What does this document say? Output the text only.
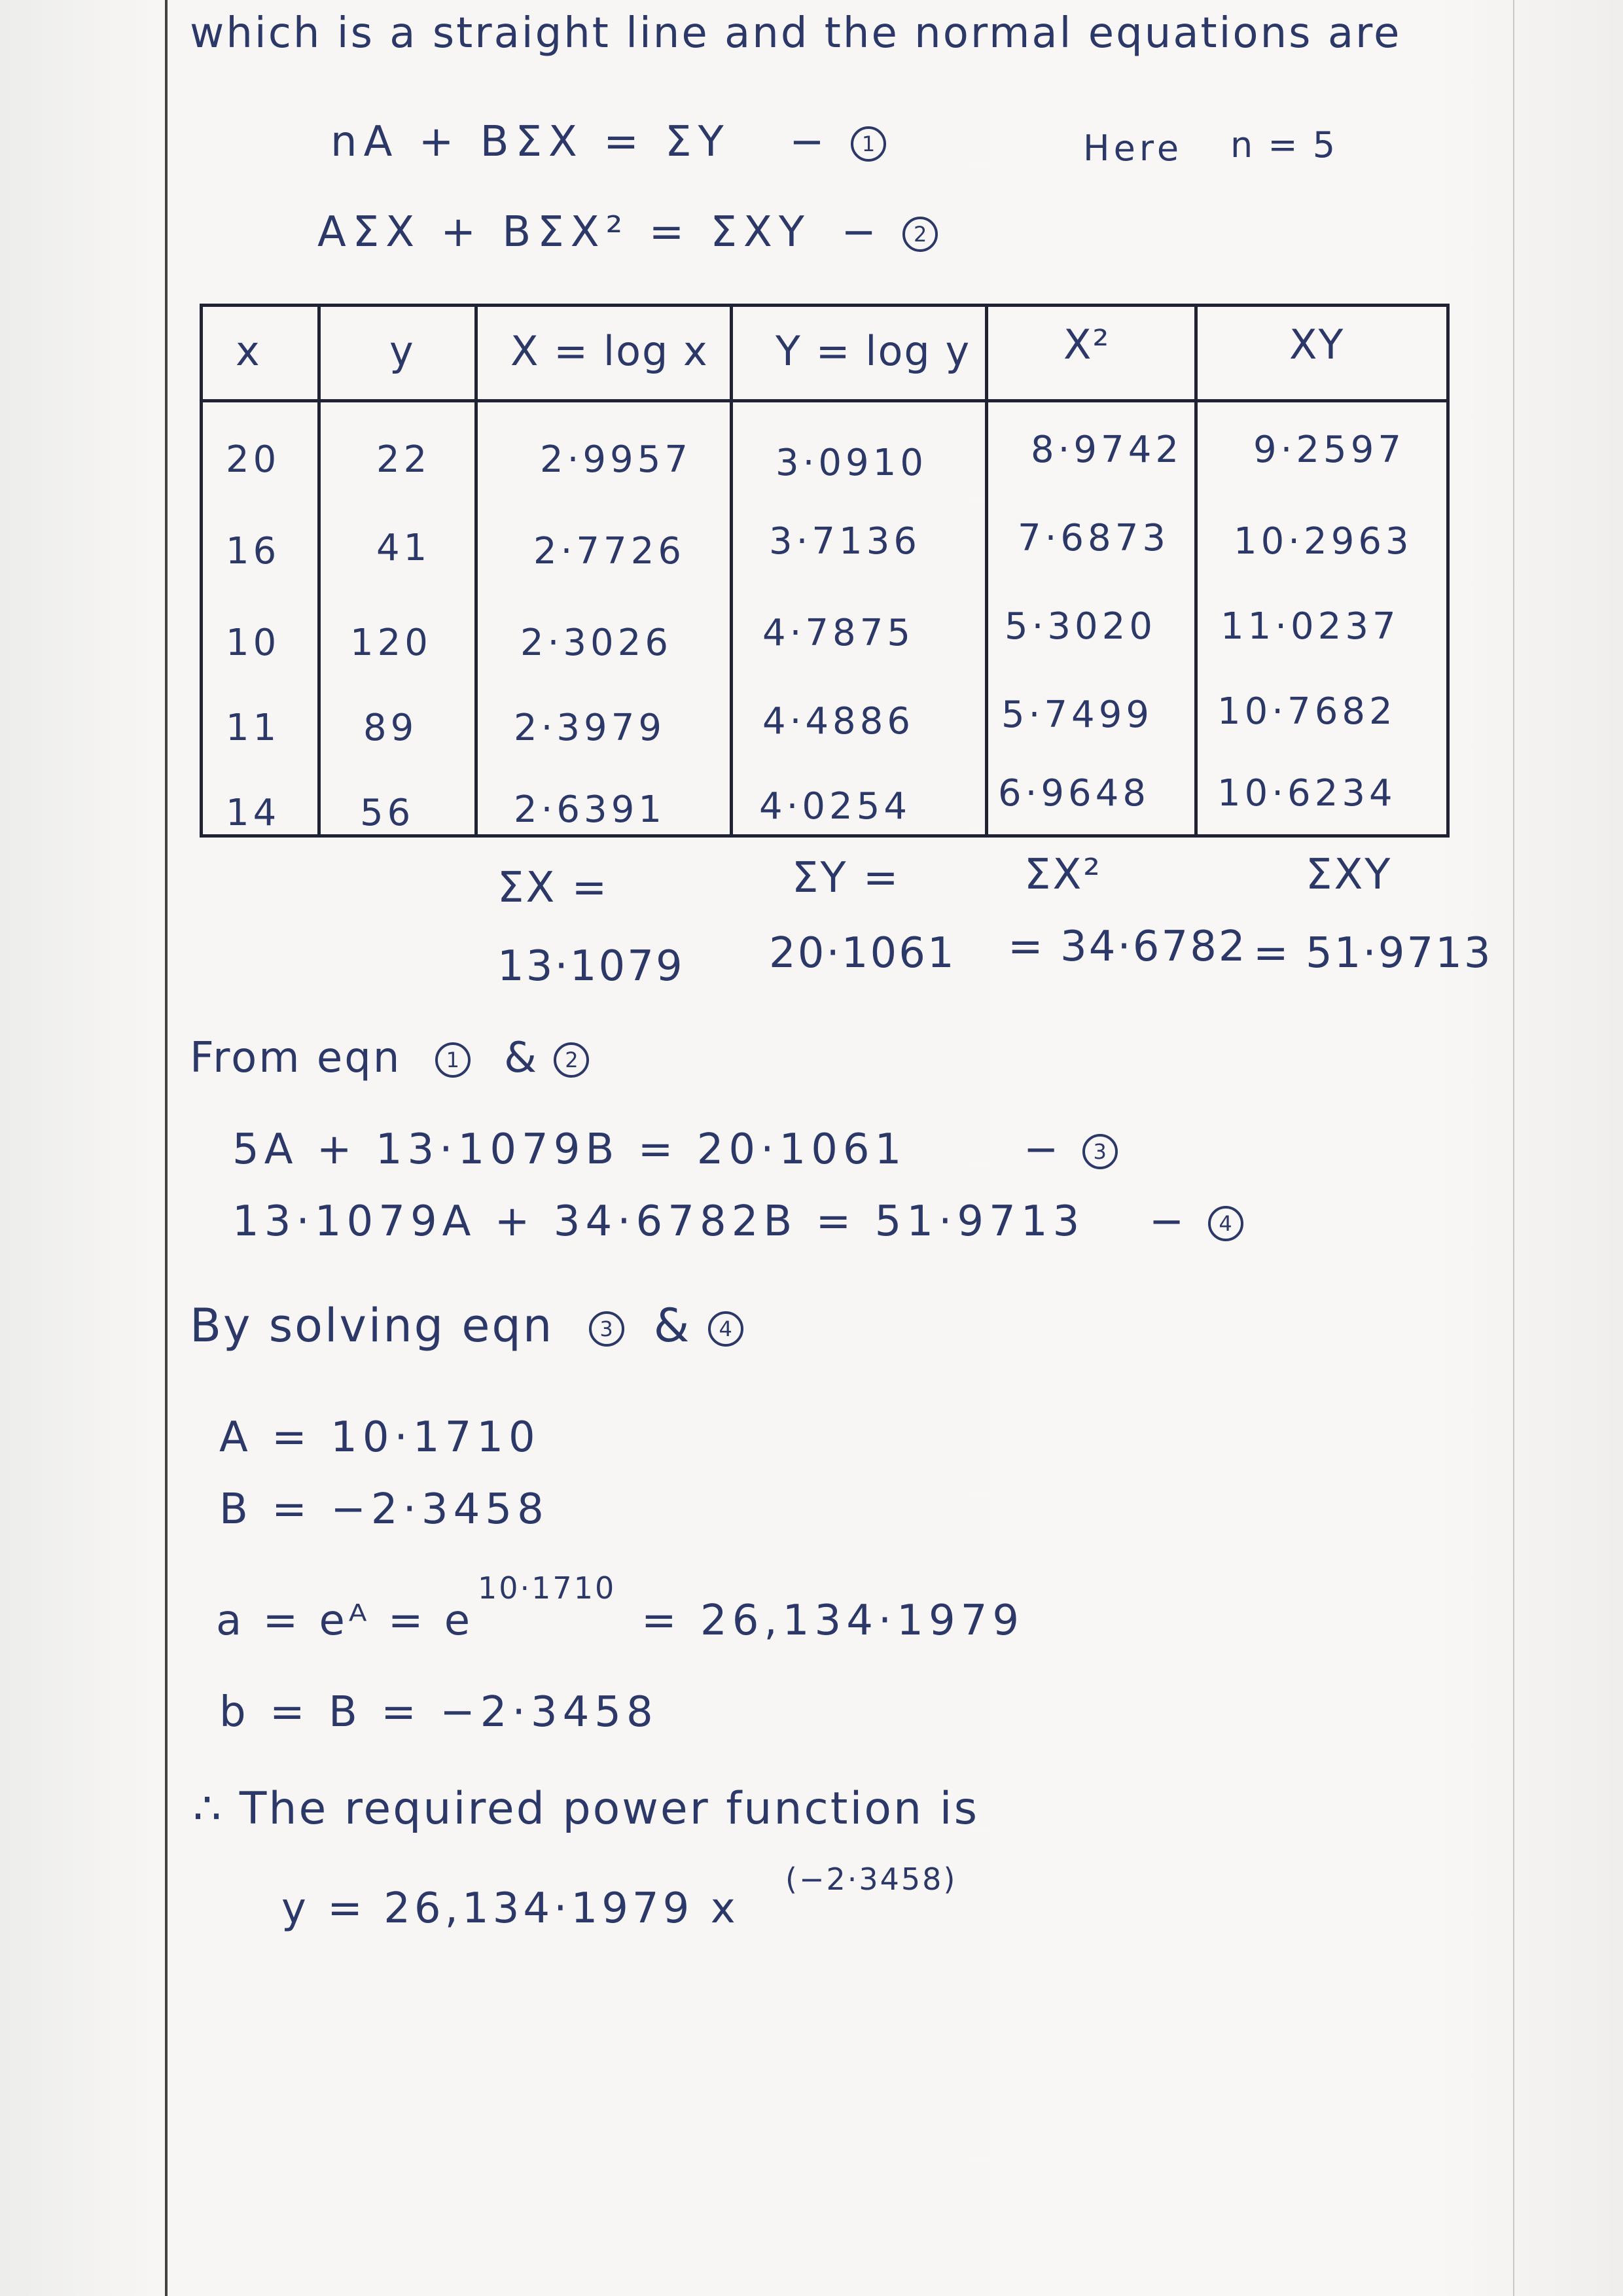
which is a straight line and the normal equations are
nA + BΣX = ΣY − 1	Here n = 5
AΣX + BΣX² = ΣXY − 2
x	y X = log x Y = log y X²	XY
20	22	2·9957 3·0910	8·9742 9·2597
16	41	2·7726 3·7136	7·6873 10·2963
10 120 2·3026 4·7875 5·3020 11·0237
11 89	2·3979	4·4886 5·7499 10·7682
14 56	2·6391	4·0254 6·9648 10·6234
ΣX =
13·1079
ΣY =
20·1061
ΣX²
= 34·6782
ΣXY
= 51·9713
From eqn 1 & 2
5A + 13·1079B = 20·1061	− 3
13·1079A + 34·6782B = 51·9713 − 4
By solving eqn 3 & 4
A = 10·1710
B = −2·3458
a = eᴬ = e
10·1710
= 26,134·1979
b = B = −2·3458
∴ The required power function is
y = 26,134·1979 x
(−2·3458)
